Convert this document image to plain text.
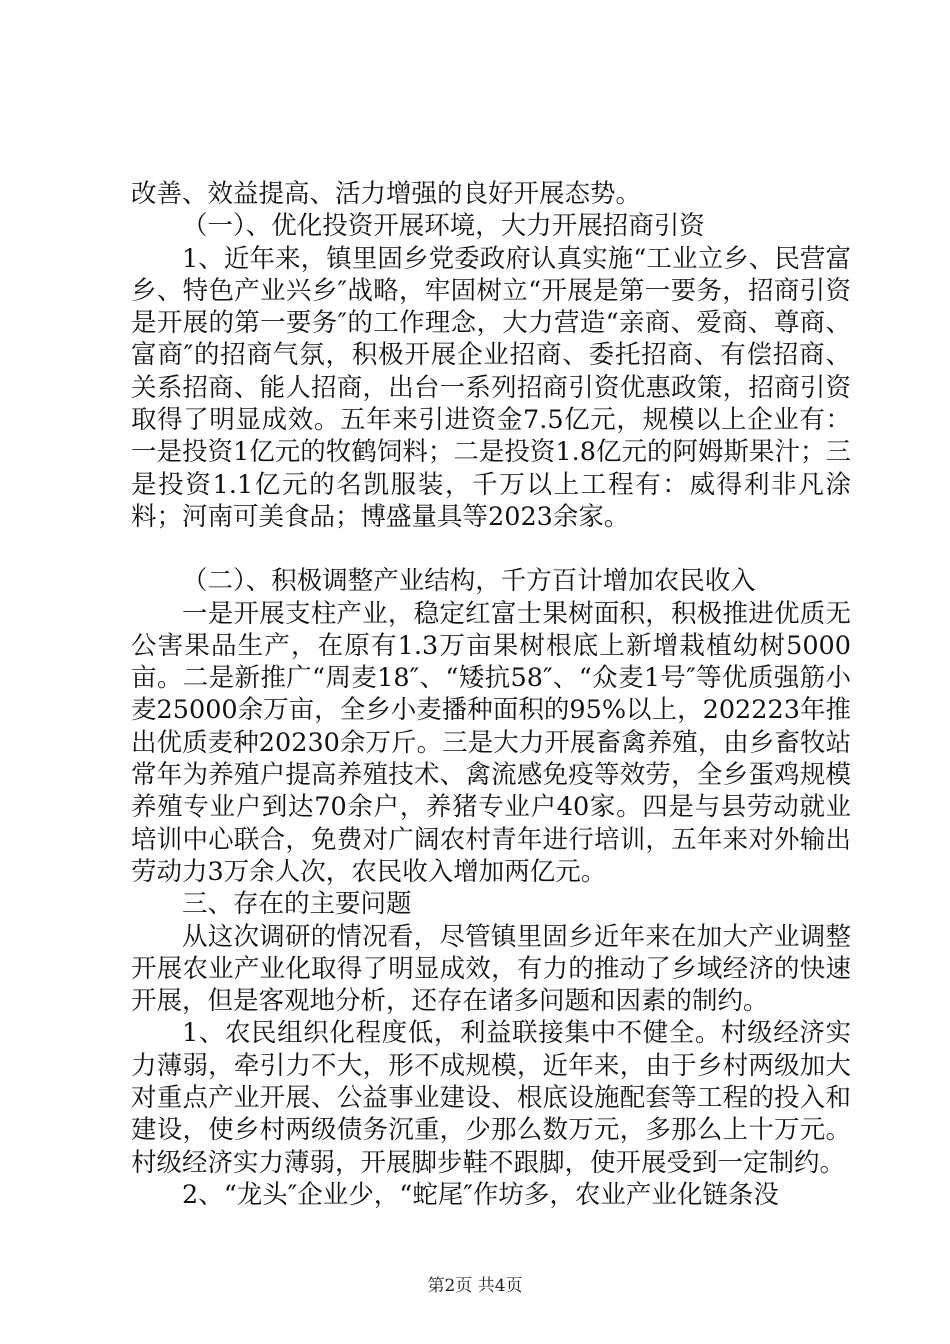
改善、效益提高、活力增强的良好开展态势。

（一）、优化投资开展环境，大力开展招商引资

1、近年来，镇里固乡党委政府认真实施“工业立乡、民营富乡、特色产业兴乡″战略，牢固树立“开展是第一要务，招商引资是开展的第一要务″的工作理念，大力营造“亲商、爱商、尊商、富商″的招商气氛，积极开展企业招商、委托招商、有偿招商、关系招商、能人招商，出台一系列招商引资优惠政策，招商引资取得了明显成效。五年来引进资金7.5亿元，规模以上企业有：一是投资1亿元的牧鹤饲料；二是投资1.8亿元的阿姆斯果汁；三是投资1.1亿元的名凯服装，千万以上工程有：威得利非凡涂料；河南可美食品；博盛量具等2023余家。

（二）、积极调整产业结构，千方百计增加农民收入

一是开展支柱产业，稳定红富士果树面积，积极推进优质无公害果品生产，在原有1.3万亩果树根底上新增栽植幼树5000亩。二是新推广“周麦18″、“矮抗58″、“众麦1号″等优质强筋小麦25000余万亩，全乡小麦播种面积的95%以上，202223年推出优质麦种20230余万斤。三是大力开展畜禽养殖，由乡畜牧站常年为养殖户提高养殖技术、禽流感免疫等效劳，全乡蛋鸡规模养殖专业户到达70余户，养猪专业户40家。四是与县劳动就业培训中心联合，免费对广阔农村青年进行培训，五年来对外输出劳动力3万余人次，农民收入增加两亿元。

三、存在的主要问题

从这次调研的情况看，尽管镇里固乡近年来在加大产业调整开展农业产业化取得了明显成效，有力的推动了乡域经济的快速开展，但是客观地分析，还存在诸多问题和因素的制约。

1、农民组织化程度低，利益联接集中不健全。村级经济实力薄弱，牵引力不大，形不成规模，近年来，由于乡村两级加大对重点产业开展、公益事业建设、根底设施配套等工程的投入和建设，使乡村两级债务沉重，少那么数万元，多那么上十万元。村级经济实力薄弱，开展脚步鞋不跟脚，使开展受到一定制约。

2、“龙头″企业少，“蛇尾″作坊多，农业产业化链条没

第2页 共4页
